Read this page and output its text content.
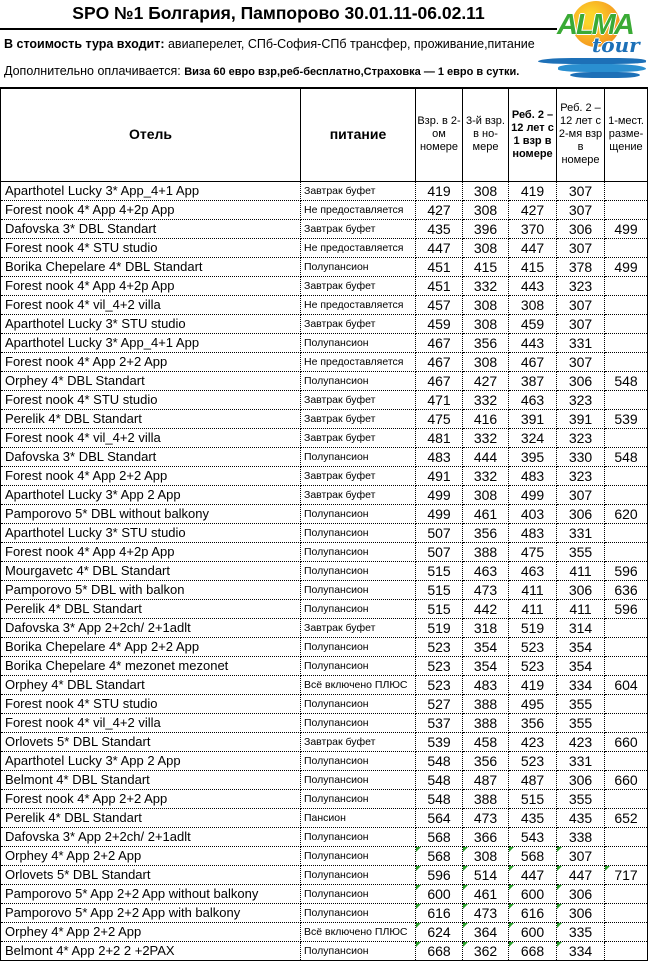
SPO №1 Болгария, Пампорово 30.01.11-06.02.11
В стоимость тура входит: авиаперелет, СПб-София-СПб трансфер, проживание,питание
Дополнительно оплачивается: Виза 60 евро взр,реб-бесплатно,Страховка — 1 евро в сутки.
ALMA
tour
Отель	питание	Взр. в 2-ом номере	3-й взр. в но-мере	Реб. 2 – 12 лет с 1 взр в номере	Реб. 2 – 12 лет с 2-мя взр в номере	1-мест. разме-щение
Aparthotel Lucky 3* App_4+1 App	Завтрак буфет	419	308	419	307	
Forest nook 4* App 4+2p App	Не предоставляется	427	308	427	307	
Dafovska 3* DBL Standart	Завтрак буфет	435	396	370	306	499
Forest nook 4* STU studio	Не предоставляется	447	308	447	307	
Borika Chepelare 4* DBL Standart	Полупансион	451	415	415	378	499
Forest nook 4* App 4+2p App	Завтрак буфет	451	332	443	323	
Forest nook 4* vil_4+2 villa	Не предоставляется	457	308	308	307	
Aparthotel Lucky 3* STU studio	Завтрак буфет	459	308	459	307	
Aparthotel Lucky 3* App_4+1 App	Полупансион	467	356	443	331	
Forest nook 4* App 2+2 App	Не предоставляется	467	308	467	307	
Orphey 4* DBL Standart	Полупансион	467	427	387	306	548
Forest nook 4* STU studio	Завтрак буфет	471	332	463	323	
Perelik 4* DBL Standart	Завтрак буфет	475	416	391	391	539
Forest nook 4* vil_4+2 villa	Завтрак буфет	481	332	324	323	
Dafovska 3* DBL Standart	Полупансион	483	444	395	330	548
Forest nook 4* App 2+2 App	Завтрак буфет	491	332	483	323	
Aparthotel Lucky 3* App 2 App	Завтрак буфет	499	308	499	307	
Pamporovo 5* DBL without balkony	Полупансион	499	461	403	306	620
Aparthotel Lucky 3* STU studio	Полупансион	507	356	483	331	
Forest nook 4* App 4+2p App	Полупансион	507	388	475	355	
Mourgavetc 4* DBL Standart	Полупансион	515	463	463	411	596
Pamporovo 5* DBL with balkon	Полупансион	515	473	411	306	636
Perelik 4* DBL Standart	Полупансион	515	442	411	411	596
Dafovska 3* App 2+2ch/ 2+1adlt	Завтрак буфет	519	318	519	314	
Borika Chepelare 4* App 2+2 App	Полупансион	523	354	523	354	
Borika Chepelare 4* mezonet mezonet	Полупансион	523	354	523	354	
Orphey 4* DBL Standart	Всё включено ПЛЮС	523	483	419	334	604
Forest nook 4* STU studio	Полупансион	527	388	495	355	
Forest nook 4* vil_4+2 villa	Полупансион	537	388	356	355	
Orlovets 5* DBL Standart	Завтрак буфет	539	458	423	423	660
Aparthotel Lucky 3* App 2 App	Полупансион	548	356	523	331	
Belmont 4* DBL Standart	Полупансион	548	487	487	306	660
Forest nook 4* App 2+2 App	Полупансион	548	388	515	355	
Perelik 4* DBL Standart	Пансион	564	473	435	435	652
Dafovska 3* App 2+2ch/ 2+1adlt	Полупансион	568	366	543	338	
Orphey 4* App 2+2 App	Полупансион	568	308	568	307

Orlovets 5* DBL Standart	Полупансион	596	514	447	447	717

Pamporovo 5* App 2+2 App without balkony	Полупансион	600	461	600	306

Pamporovo 5* App 2+2 App with balkony	Полупансион	616	473	616	306

Orphey 4* App 2+2 App	Всё включено ПЛЮС	624	364	600	335

Belmont 4* App 2+2 2 +2PAX	Полупансион	668	362	668	334
